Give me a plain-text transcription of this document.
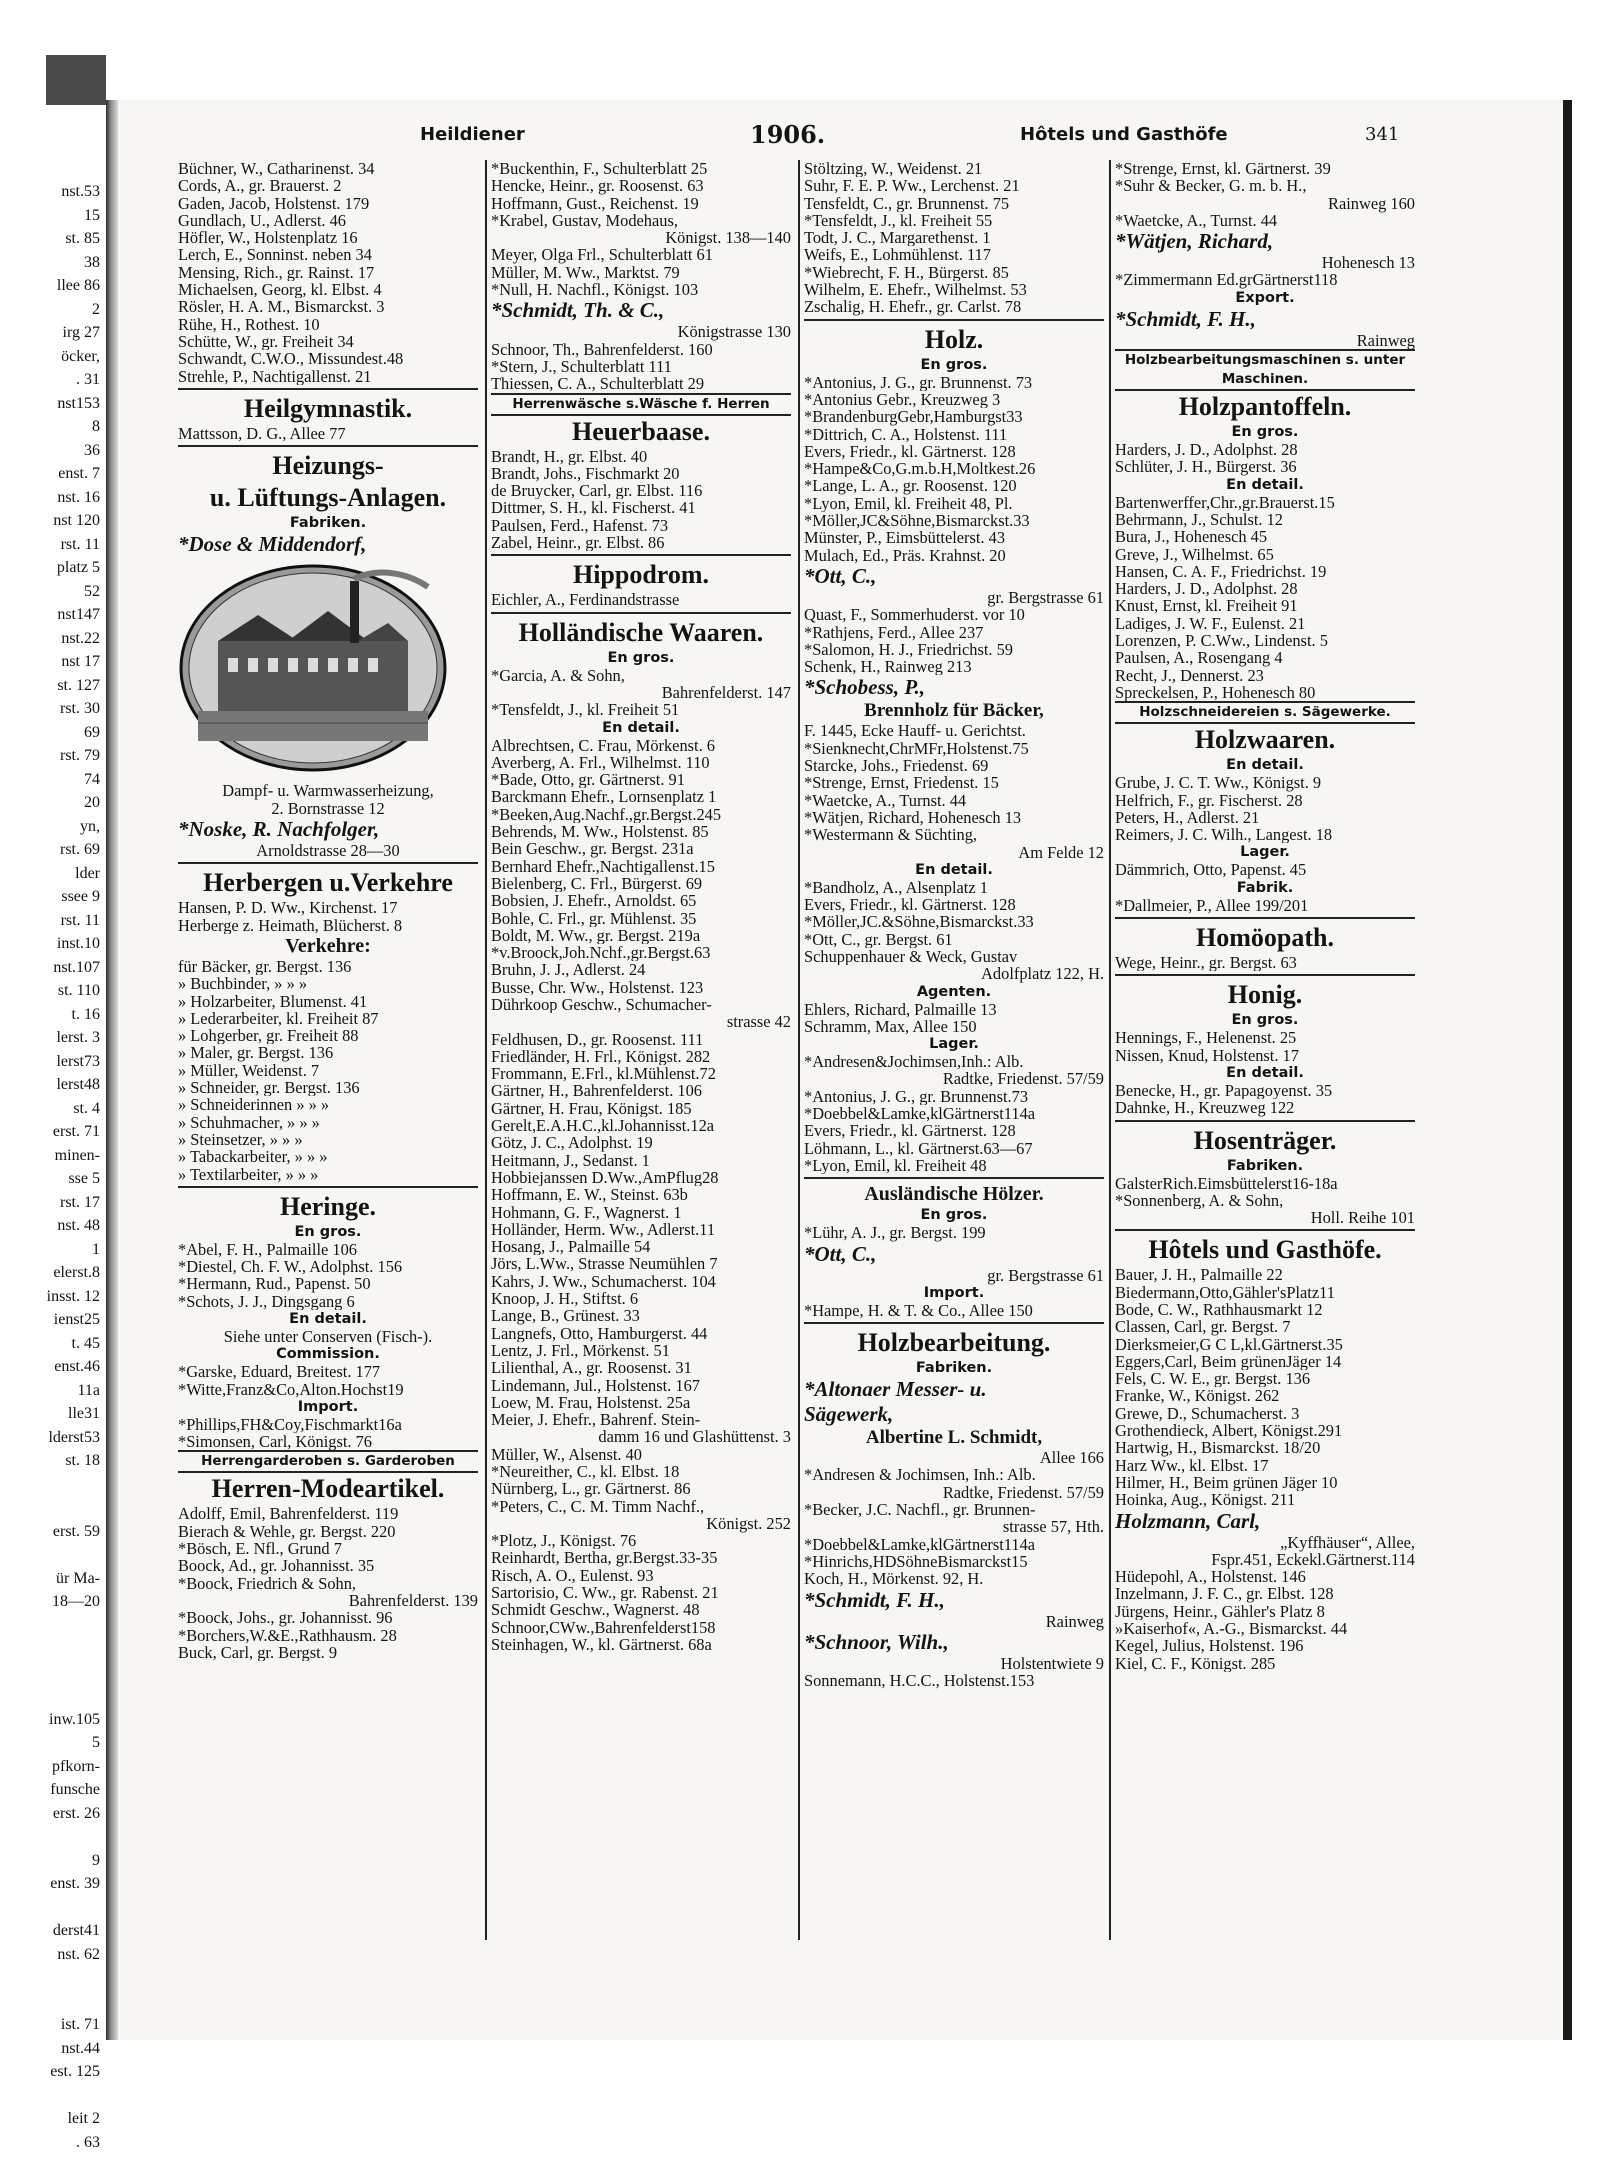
nst.53
15
st. 85
38
llee 86
2
irg 27
öcker,
. 31
nst153
8
36
enst. 7
nst. 16
nst 120
rst. 11
platz 5
52
nst147
nst.22
nst 17
st. 127
rst. 30
69
rst. 79
74
20
yn,
rst. 69
lder
ssee 9
rst. 11
inst.10
nst.107
st. 110
t. 16
lerst. 3
lerst73
lerst48
st. 4
erst. 71
minen-
sse 5
rst. 17
nst. 48
1
elerst.8
insst. 12
ienst25
t. 45
enst.46
11a
lle31
lderst53
st. 18

erst. 59

ür Ma-
18—20

inw.105
5
pfkorn-
funsche
erst. 26

9
enst. 39

derst41
nst. 62

ist. 71
nst.44
est. 125

leit 2
. 63
Heildiener	1906.	Hôtels und Gasthöfe	341
Büchner, W., Catharinenst. 34
Cords, A., gr. Brauerst. 2
Gaden, Jacob, Holstenst. 179
Gundlach, U., Adlerst. 46
Höfler, W., Holstenplatz 16
Lerch, E., Sonninst. neben 34
Mensing, Rich., gr. Rainst. 17
Michaelsen, Georg, kl. Elbst. 4
Rösler, H. A. M., Bismarckst. 3
Rühe, H., Rothest. 10
Schütte, W., gr. Freiheit 34
Schwandt, C.W.O., Missundest.48
Strehle, P., Nachtigallenst. 21
Heilgymnastik.
Mattsson, D. G., Allee 77
Heizungs-
u. Lüftungs-Anlagen.
Fabriken.
*Dose & Middendorf,
Dampf- u. Warmwasserheizung,
2. Bornstrasse 12
*Noske, R. Nachfolger,
Arnoldstrasse 28—30
Herbergen u.Verkehre
Hansen, P. D. Ww., Kirchenst. 17
Herberge z. Heimath, Blücherst. 8
Verkehre:
für Bäcker, gr. Bergst. 136
» Buchbinder, » » »
» Holzarbeiter, Blumenst. 41
» Lederarbeiter, kl. Freiheit 87
» Lohgerber, gr. Freiheit 88
» Maler, gr. Bergst. 136
» Müller, Weidenst. 7
» Schneider, gr. Bergst. 136
» Schneiderinnen » » »
» Schuhmacher, » » »
» Steinsetzer, » » »
» Tabackarbeiter, » » »
» Textilarbeiter, » » »
Heringe.
En gros.
*Abel, F. H., Palmaille 106
*Diestel, Ch. F. W., Adolphst. 156
*Hermann, Rud., Papenst. 50
*Schots, J. J., Dingsgang 6
En detail.
Siehe unter Conserven (Fisch-).
Commission.
*Garske, Eduard, Breitest. 177
*Witte,Franz&Co,Alton.Hochst19
Import.
*Phillips,FH&Coy,Fischmarkt16a
*Simonsen, Carl, Königst. 76
Herrengarderoben s. Garderoben
Herren-Modeartikel.
Adolff, Emil, Bahrenfelderst. 119
Bierach & Wehle, gr. Bergst. 220
*Bösch, E. Nfl., Grund 7
Boock, Ad., gr. Johannisst. 35
*Boock, Friedrich & Sohn,
Bahrenfelderst. 139
*Boock, Johs., gr. Johannisst. 96
*Borchers,W.&E.,Rathhausm. 28
Buck, Carl, gr. Bergst. 9
*Buckenthin, F., Schulterblatt 25
Hencke, Heinr., gr. Roosenst. 63
Hoffmann, Gust., Reichenst. 19
*Krabel, Gustav, Modehaus,
Königst. 138—140
Meyer, Olga Frl., Schulterblatt 61
Müller, M. Ww., Marktst. 79
*Null, H. Nachfl., Königst. 103
*Schmidt, Th. & C.,
Königstrasse 130
Schnoor, Th., Bahrenfelderst. 160
*Stern, J., Schulterblatt 111
Thiessen, C. A., Schulterblatt 29
Herrenwäsche s.Wäsche f. Herren
Heuerbaase.
Brandt, H., gr. Elbst. 40
Brandt, Johs., Fischmarkt 20
de Bruycker, Carl, gr. Elbst. 116
Dittmer, S. H., kl. Fischerst. 41
Paulsen, Ferd., Hafenst. 73
Zabel, Heinr., gr. Elbst. 86
Hippodrom.
Eichler, A., Ferdinandstrasse
Holländische Waaren.
En gros.
*Garcia, A. & Sohn,
Bahrenfelderst. 147
*Tensfeldt, J., kl. Freiheit 51
En detail.
Albrechtsen, C. Frau, Mörkenst. 6
Averberg, A. Frl., Wilhelmst. 110
*Bade, Otto, gr. Gärtnerst. 91
Barckmann Ehefr., Lornsenplatz 1
*Beeken,Aug.Nachf.,gr.Bergst.245
Behrends, M. Ww., Holstenst. 85
Bein Geschw., gr. Bergst. 231a
Bernhard Ehefr.,Nachtigallenst.15
Bielenberg, C. Frl., Bürgerst. 69
Bobsien, J. Ehefr., Arnoldst. 65
Bohle, C. Frl., gr. Mühlenst. 35
Boldt, M. Ww., gr. Bergst. 219a
*v.Broock,Joh.Nchf.,gr.Bergst.63
Bruhn, J. J., Adlerst. 24
Busse, Chr. Ww., Holstenst. 123
Dührkoop Geschw., Schumacher-
strasse 42
Feldhusen, D., gr. Roosenst. 111
Friedländer, H. Frl., Königst. 282
Frommann, E.Frl., kl.Mühlenst.72
Gärtner, H., Bahrenfelderst. 106
Gärtner, H. Frau, Königst. 185
Gerelt,E.A.H.C.,kl.Johannisst.12a
Götz, J. C., Adolphst. 19
Heitmann, J., Sedanst. 1
Hobbiejanssen D.Ww.,AmPflug28
Hoffmann, E. W., Steinst. 63b
Hohmann, G. F., Wagnerst. 1
Holländer, Herm. Ww., Adlerst.11
Hosang, J., Palmaille 54
Jörs, L.Ww., Strasse Neumühlen 7
Kahrs, J. Ww., Schumacherst. 104
Knoop, J. H., Stiftst. 6
Lange, B., Grünest. 33
Langnefs, Otto, Hamburgerst. 44
Lentz, J. Frl., Mörkenst. 51
Lilienthal, A., gr. Roosenst. 31
Lindemann, Jul., Holstenst. 167
Loew, M. Frau, Holstenst. 25a
Meier, J. Ehefr., Bahrenf. Stein-
damm 16 und Glashüttenst. 3
Müller, W., Alsenst. 40
*Neureither, C., kl. Elbst. 18
Nürnberg, L., gr. Gärtnerst. 86
*Peters, C., C. M. Timm Nachf.,
Königst. 252
*Plotz, J., Königst. 76
Reinhardt, Bertha, gr.Bergst.33-35
Risch, A. O., Eulenst. 93
Sartorisio, C. Ww., gr. Rabenst. 21
Schmidt Geschw., Wagnerst. 48
Schnoor,CWw.,Bahrenfelderst158
Steinhagen, W., kl. Gärtnerst. 68a
Stöltzing, W., Weidenst. 21
Suhr, F. E. P. Ww., Lerchenst. 21
Tensfeldt, C., gr. Brunnenst. 75
*Tensfeldt, J., kl. Freiheit 55
Todt, J. C., Margarethenst. 1
Weifs, E., Lohmühlenst. 117
*Wiebrecht, F. H., Bürgerst. 85
Wilhelm, E. Ehefr., Wilhelmst. 53
Zschalig, H. Ehefr., gr. Carlst. 78
Holz.
En gros.
*Antonius, J. G., gr. Brunnenst. 73
*Antonius Gebr., Kreuzweg 3
*BrandenburgGebr,Hamburgst33
*Dittrich, C. A., Holstenst. 111
Evers, Friedr., kl. Gärtnerst. 128
*Hampe&Co,G.m.b.H,Moltkest.26
*Lange, L. A., gr. Roosenst. 120
*Lyon, Emil, kl. Freiheit 48, Pl.
*Möller,JC&Söhne,Bismarckst.33
Münster, P., Eimsbüttelerst. 43
Mulach, Ed., Präs. Krahnst. 20
*Ott, C.,
gr. Bergstrasse 61
Quast, F., Sommerhuderst. vor 10
*Rathjens, Ferd., Allee 237
*Salomon, H. J., Friedrichst. 59
Schenk, H., Rainweg 213
*Schobess, P.,
Brennholz für Bäcker,
F. 1445, Ecke Hauff- u. Gerichtst.
*Sienknecht,ChrMFr,Holstenst.75
Starcke, Johs., Friedenst. 69
*Strenge, Ernst, Friedenst. 15
*Waetcke, A., Turnst. 44
*Wätjen, Richard, Hohenesch 13
*Westermann & Süchting,
Am Felde 12
En detail.
*Bandholz, A., Alsenplatz 1
Evers, Friedr., kl. Gärtnerst. 128
*Möller,JC.&Söhne,Bismarckst.33
*Ott, C., gr. Bergst. 61
Schuppenhauer & Weck, Gustav
Adolfplatz 122, H.
Agenten.
Ehlers, Richard, Palmaille 13
Schramm, Max, Allee 150
Lager.
*Andresen&Jochimsen,Inh.: Alb.
Radtke, Friedenst. 57/59
*Antonius, J. G., gr. Brunnenst.73
*Doebbel&Lamke,klGärtnerst114a
Evers, Friedr., kl. Gärtnerst. 128
Löhmann, L., kl. Gärtnerst.63—67
*Lyon, Emil, kl. Freiheit 48
Ausländische Hölzer.
En gros.
*Lühr, A. J., gr. Bergst. 199
*Ott, C.,
gr. Bergstrasse 61
Import.
*Hampe, H. & T. & Co., Allee 150
Holzbearbeitung.
Fabriken.
*Altonaer Messer- u.
Sägewerk,
Albertine L. Schmidt,
Allee 166
*Andresen & Jochimsen, Inh.: Alb.
Radtke, Friedenst. 57/59
*Becker, J.C. Nachfl., gr. Brunnen-
strasse 57, Hth.
*Doebbel&Lamke,klGärtnerst114a
*Hinrichs,HDSöhneBismarckst15
Koch, H., Mörkenst. 92, H.
*Schmidt, F. H.,
Rainweg
*Schnoor, Wilh.,
Holstentwiete 9
Sonnemann, H.C.C., Holstenst.153
*Strenge, Ernst, kl. Gärtnerst. 39
*Suhr & Becker, G. m. b. H.,
Rainweg 160
*Waetcke, A., Turnst. 44
*Wätjen, Richard,
Hohenesch 13
*Zimmermann Ed.grGärtnerst118
Export.
*Schmidt, F. H.,
Rainweg
Holzbearbeitungsmaschinen s. unter Maschinen.
Holzpantoffeln.
En gros.
Harders, J. D., Adolphst. 28
Schlüter, J. H., Bürgerst. 36
En detail.
Bartenwerffer,Chr.,gr.Brauerst.15
Behrmann, J., Schulst. 12
Bura, J., Hohenesch 45
Greve, J., Wilhelmst. 65
Hansen, C. A. F., Friedrichst. 19
Harders, J. D., Adolphst. 28
Knust, Ernst, kl. Freiheit 91
Ladiges, J. W. F., Eulenst. 21
Lorenzen, P. C.Ww., Lindenst. 5
Paulsen, A., Rosengang 4
Recht, J., Dennerst. 23
Spreckelsen, P., Hohenesch 80
Holzschneidereien s. Sägewerke.
Holzwaaren.
En detail.
Grube, J. C. T. Ww., Königst. 9
Helfrich, F., gr. Fischerst. 28
Peters, H., Adlerst. 21
Reimers, J. C. Wilh., Langest. 18
Lager.
Dämmrich, Otto, Papenst. 45
Fabrik.
*Dallmeier, P., Allee 199/201
Homöopath.
Wege, Heinr., gr. Bergst. 63
Honig.
En gros.
Hennings, F., Helenenst. 25
Nissen, Knud, Holstenst. 17
En detail.
Benecke, H., gr. Papagoyenst. 35
Dahnke, H., Kreuzweg 122
Hosenträger.
Fabriken.
GalsterRich.Eimsbüttelerst16-18a
*Sonnenberg, A. & Sohn,
Holl. Reihe 101
Hôtels und Gasthöfe.
Bauer, J. H., Palmaille 22
Biedermann,Otto,Gähler'sPlatz11
Bode, C. W., Rathhausmarkt 12
Classen, Carl, gr. Bergst. 7
Dierksmeier,G C L,kl.Gärtnerst.35
Eggers,Carl, Beim grünenJäger 14
Fels, C. W. E., gr. Bergst. 136
Franke, W., Königst. 262
Grewe, D., Schumacherst. 3
Grothendieck, Albert, Königst.291
Hartwig, H., Bismarckst. 18/20
Harz Ww., kl. Elbst. 17
Hilmer, H., Beim grünen Jäger 10
Hoinka, Aug., Königst. 211
Holzmann, Carl,
„Kyffhäuser“, Allee,
Fspr.451, Eckekl.Gärtnerst.114
Hüdepohl, A., Holstenst. 146
Inzelmann, J. F. C., gr. Elbst. 128
Jürgens, Heinr., Gähler's Platz 8
»Kaiserhof«, A.-G., Bismarckst. 44
Kegel, Julius, Holstenst. 196
Kiel, C. F., Königst. 285
